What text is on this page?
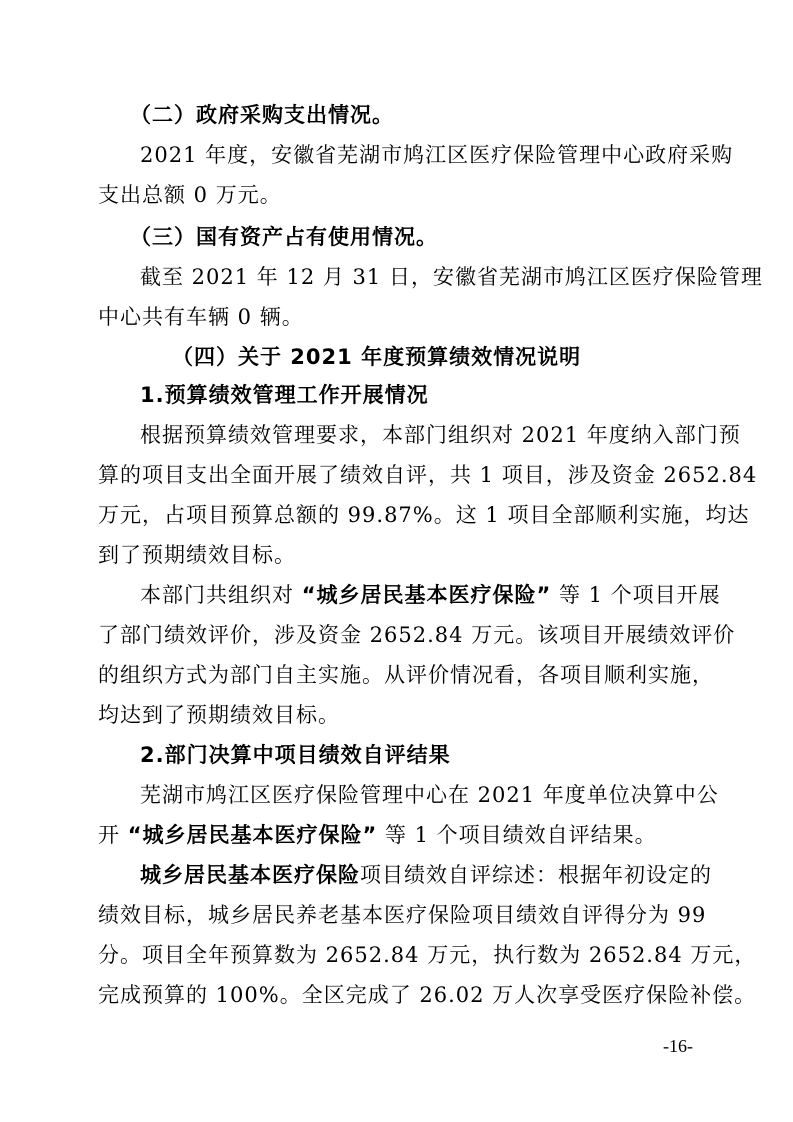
（二）政府采购支出情况。
2021 年度，安徽省芜湖市鸠江区医疗保险管理中心政府采购
支出总额 0 万元。
（三）国有资产占有使用情况。
截至 2021 年 12 月 31 日，安徽省芜湖市鸠江区医疗保险管理
中心共有车辆 0 辆。
（四）关于 2021 年度预算绩效情况说明
1.预算绩效管理工作开展情况
根据预算绩效管理要求，本部门组织对 2021 年度纳入部门预
算的项目支出全面开展了绩效自评，共 1 项目，涉及资金 2652.84
万元，占项目预算总额的 99.87%。这 1 项目全部顺利实施，均达
到了预期绩效目标。
本部门共组织对 “城乡居民基本医疗保险” 等 1 个项目开展
了部门绩效评价，涉及资金 2652.84 万元。该项目开展绩效评价
的组织方式为部门自主实施。从评价情况看，各项目顺利实施，
均达到了预期绩效目标。
2.部门决算中项目绩效自评结果
芜湖市鸠江区医疗保险管理中心在 2021 年度单位决算中公
开 “城乡居民基本医疗保险” 等 1 个项目绩效自评结果。
城乡居民基本医疗保险项目绩效自评综述：根据年初设定的
绩效目标，城乡居民养老基本医疗保险项目绩效自评得分为 99
分。项目全年预算数为 2652.84 万元，执行数为 2652.84 万元，
完成预算的 100%。全区完成了 26.02 万人次享受医疗保险补偿。
-16-
